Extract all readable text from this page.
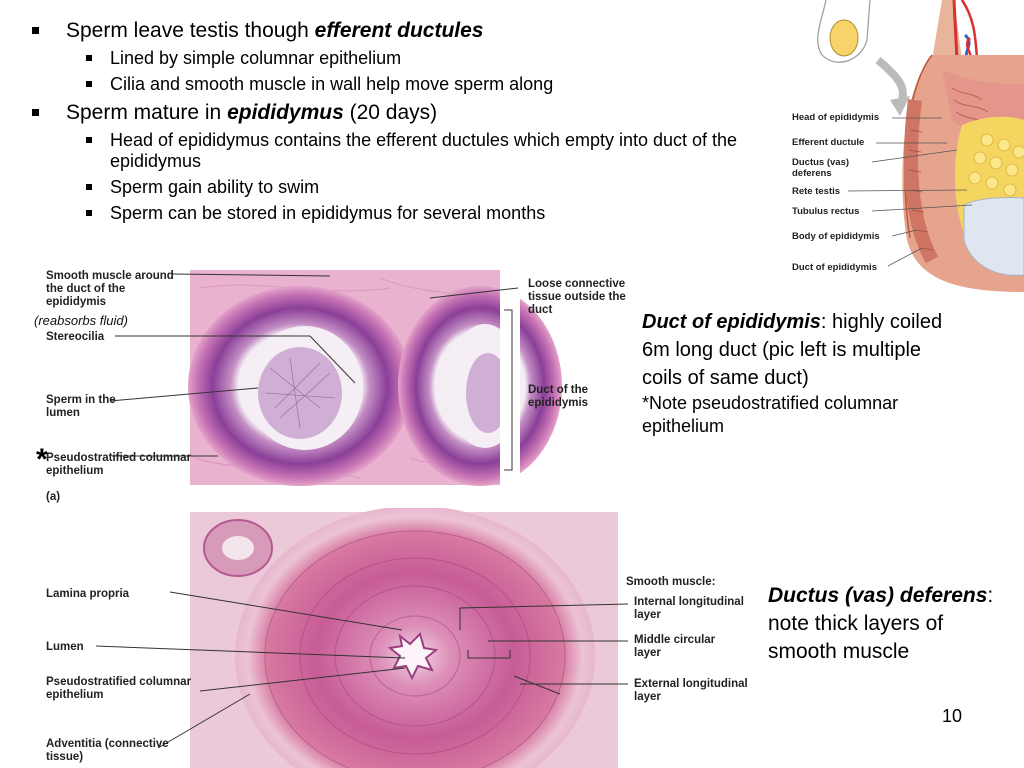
Sperm leave testis though efferent ductules
Lined by simple columnar epithelium
Cilia and smooth muscle in wall help move sperm along
Sperm mature in epididymus (20 days)
Head of epididymus contains the efferent ductules which empty into duct of the epididymus
Sperm gain ability to swim
Sperm can be stored in epididymus for several months
Head of epididymis
Efferent ductule
Ductus (vas) deferens
Rete testis
Tubulus rectus
Body of epididymis
Duct of epididymis
Smooth muscle around the duct of the epididymis
(reabsorbs fluid)
Stereocilia
Sperm in the lumen
Pseudostratified columnar epithelium
Loose connective tissue outside the duct
Duct of the epididymis
(a)
*
Lamina propria
Lumen
Pseudostratified columnar epithelium
Adventitia (connective tissue)
Smooth muscle:
Internal longitudinal layer
Middle circular layer
External longitudinal layer
Duct of epididymis: highly coiled 6m long duct (pic left is multiple coils of same duct)
*Note pseudostratified columnar epithelium
Ductus (vas) deferens:
note thick layers of smooth muscle
10
